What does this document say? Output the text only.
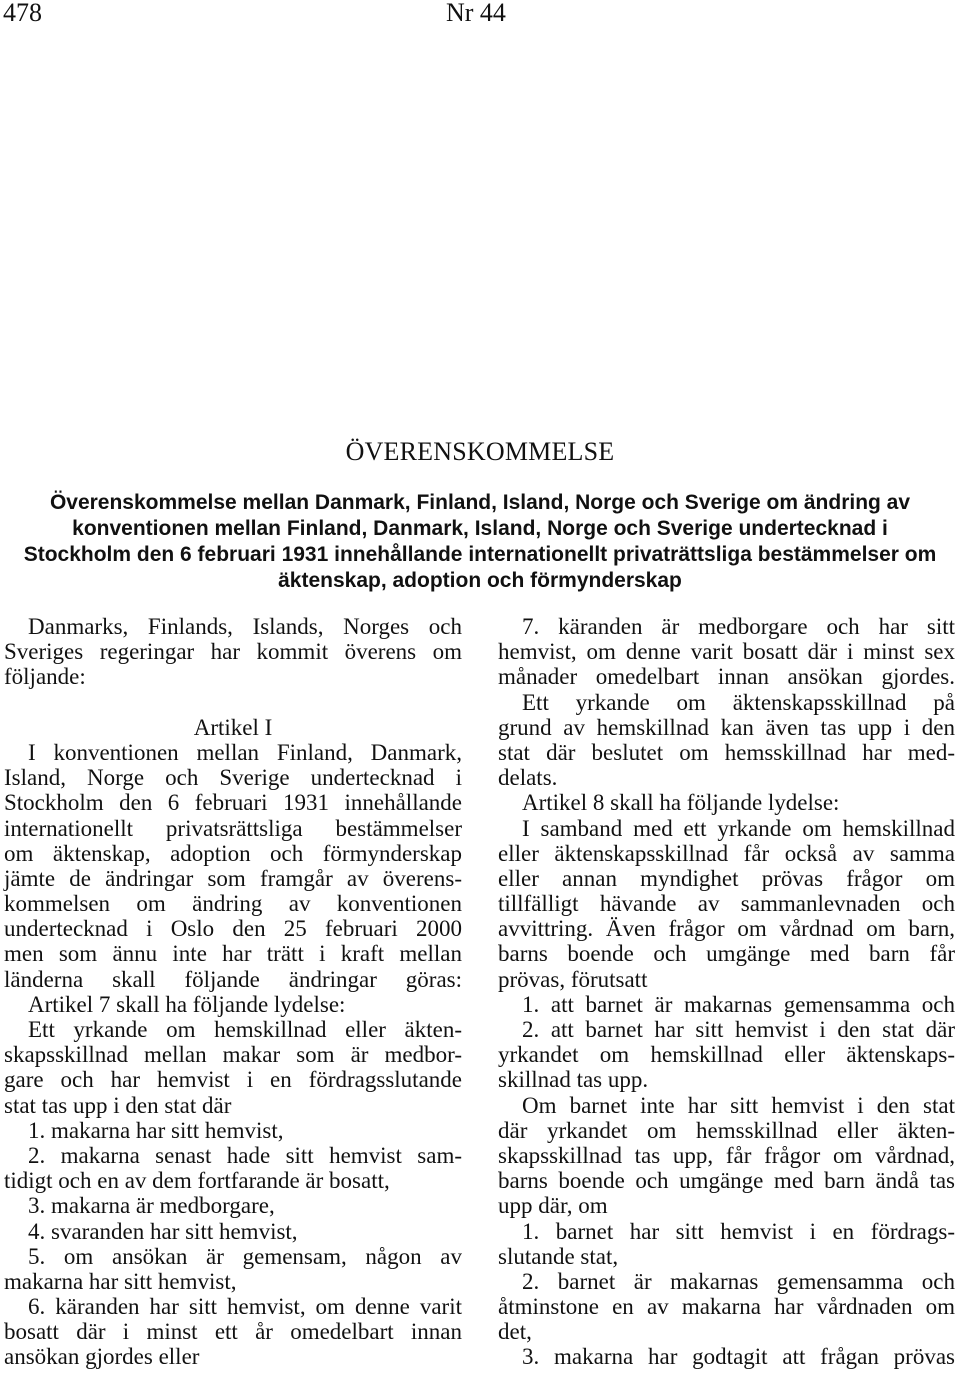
478	Nr 44
ÖVERENSKOMMELSE
Överenskommelse mellan Danmark, Finland, Island, Norge och Sverige om ändring av
konventionen mellan Finland, Danmark, Island, Norge och Sverige undertecknad i
Stockholm den 6 februari 1931 innehållande internationellt privaträttsliga bestämmelser om
äktenskap, adoption och förmynderskap
Danmarks, Finlands, Islands, Norges och
Sveriges regeringar har kommit överens om
följande:
Artikel I
I konventionen mellan Finland, Danmark,
Island, Norge och Sverige undertecknad i
Stockholm den 6 februari 1931 innehållande
internationellt privatsrättsliga bestämmelser
om äktenskap, adoption och förmynderskap
jämte de ändringar som framgår av överens-
kommelsen om ändring av konventionen
undertecknad i Oslo den 25 februari 2000
men som ännu inte har trätt i kraft mellan
länderna skall följande ändringar göras:
Artikel 7 skall ha följande lydelse:
Ett yrkande om hemskillnad eller äkten-
skapsskillnad mellan makar som är medbor-
gare och har hemvist i en fördragsslutande
stat tas upp i den stat där
1. makarna har sitt hemvist,
2. makarna senast hade sitt hemvist sam-
tidigt och en av dem fortfarande är bosatt,
3. makarna är medborgare,
4. svaranden har sitt hemvist,
5. om ansökan är gemensam, någon av
makarna har sitt hemvist,
6. käranden har sitt hemvist, om denne varit
bosatt där i minst ett år omedelbart innan
ansökan gjordes eller
7. käranden är medborgare och har sitt
hemvist, om denne varit bosatt där i minst sex
månader omedelbart innan ansökan gjordes.
Ett yrkande om äktenskapsskillnad på
grund av hemskillnad kan även tas upp i den
stat där beslutet om hemsskillnad har med-
delats.
Artikel 8 skall ha följande lydelse:
I samband med ett yrkande om hemskillnad
eller äktenskapsskillnad får också av samma
eller annan myndighet prövas frågor om
tillfälligt hävande av sammanlevnaden och
avvittring. Även frågor om vårdnad om barn,
barns boende och umgänge med barn får
prövas, förutsatt
1. att barnet är makarnas gemensamma och
2. att barnet har sitt hemvist i den stat där
yrkandet om hemskillnad eller äktenskaps-
skillnad tas upp.
Om barnet inte har sitt hemvist i den stat
där yrkandet om hemsskillnad eller äkten-
skapsskillnad tas upp, får frågor om vårdnad,
barns boende och umgänge med barn ändå tas
upp där, om
1. barnet har sitt hemvist i en fördrags-
slutande stat,
2. barnet är makarnas gemensamma och
åtminstone en av makarna har vårdnaden om
det,
3. makarna har godtagit att frågan prövas
